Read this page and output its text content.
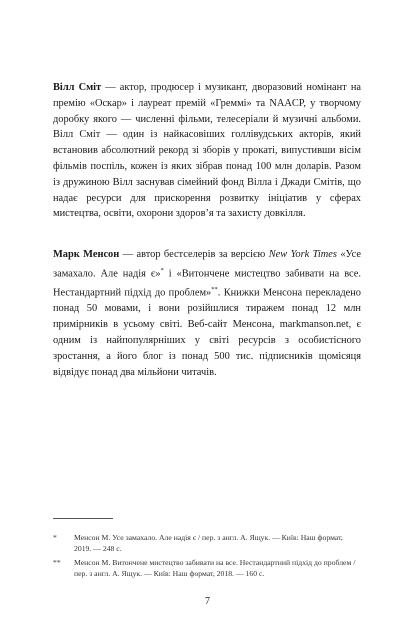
Вілл Сміт — актор, продюсер і музикант, дворазовий номінант на премію «Оскар» і лауреат премій «Греммі» та NAACP, у творчому доробку якого — численні фільми, телесеріали й музичні альбоми. Вілл Сміт — один із найкасовіших голлівудських акторів, який встановив абсолютний рекорд зі зборів у прокаті, випустивши вісім фільмів поспіль, кожен із яких зібрав понад 100 млн доларів. Разом із дружиною Вілл заснував сімейний фонд Вілла і Джади Смітів, що надає ресурси для прискорення розвитку ініціатив у сферах мистецтва, освіти, охорони здоров’я та захисту довкілля.

Марк Менсон — автор бестселерів за версією New York Times «Усе замахало. Але надія є»* і «Витончене мистецтво забивати на все. Нестандартний підхід до проблем»**. Книжки Менсона перекладено понад 50 мовами, і вони розійшлися тиражем понад 12 млн примірників в усьому світі. Веб-сайт Менсона, markmanson.net, є одним із найпопулярніших у світі ресурсів з особистісного зростання, а його блог із понад 500 тис. підписників щомісяця відвідує понад два мільйони читачів.

*	Менсон М. Усе замахало. Але надія є / пер. з англ. А. Ящук. — Київ: Наш формат, 2019. — 248 с.
**	Менсон М. Витончене мистецтво забивати на все. Нестандартний підхід до проблем / пер. з англ. А. Ящук. — Київ: Наш формат, 2018. — 160 с.
7
